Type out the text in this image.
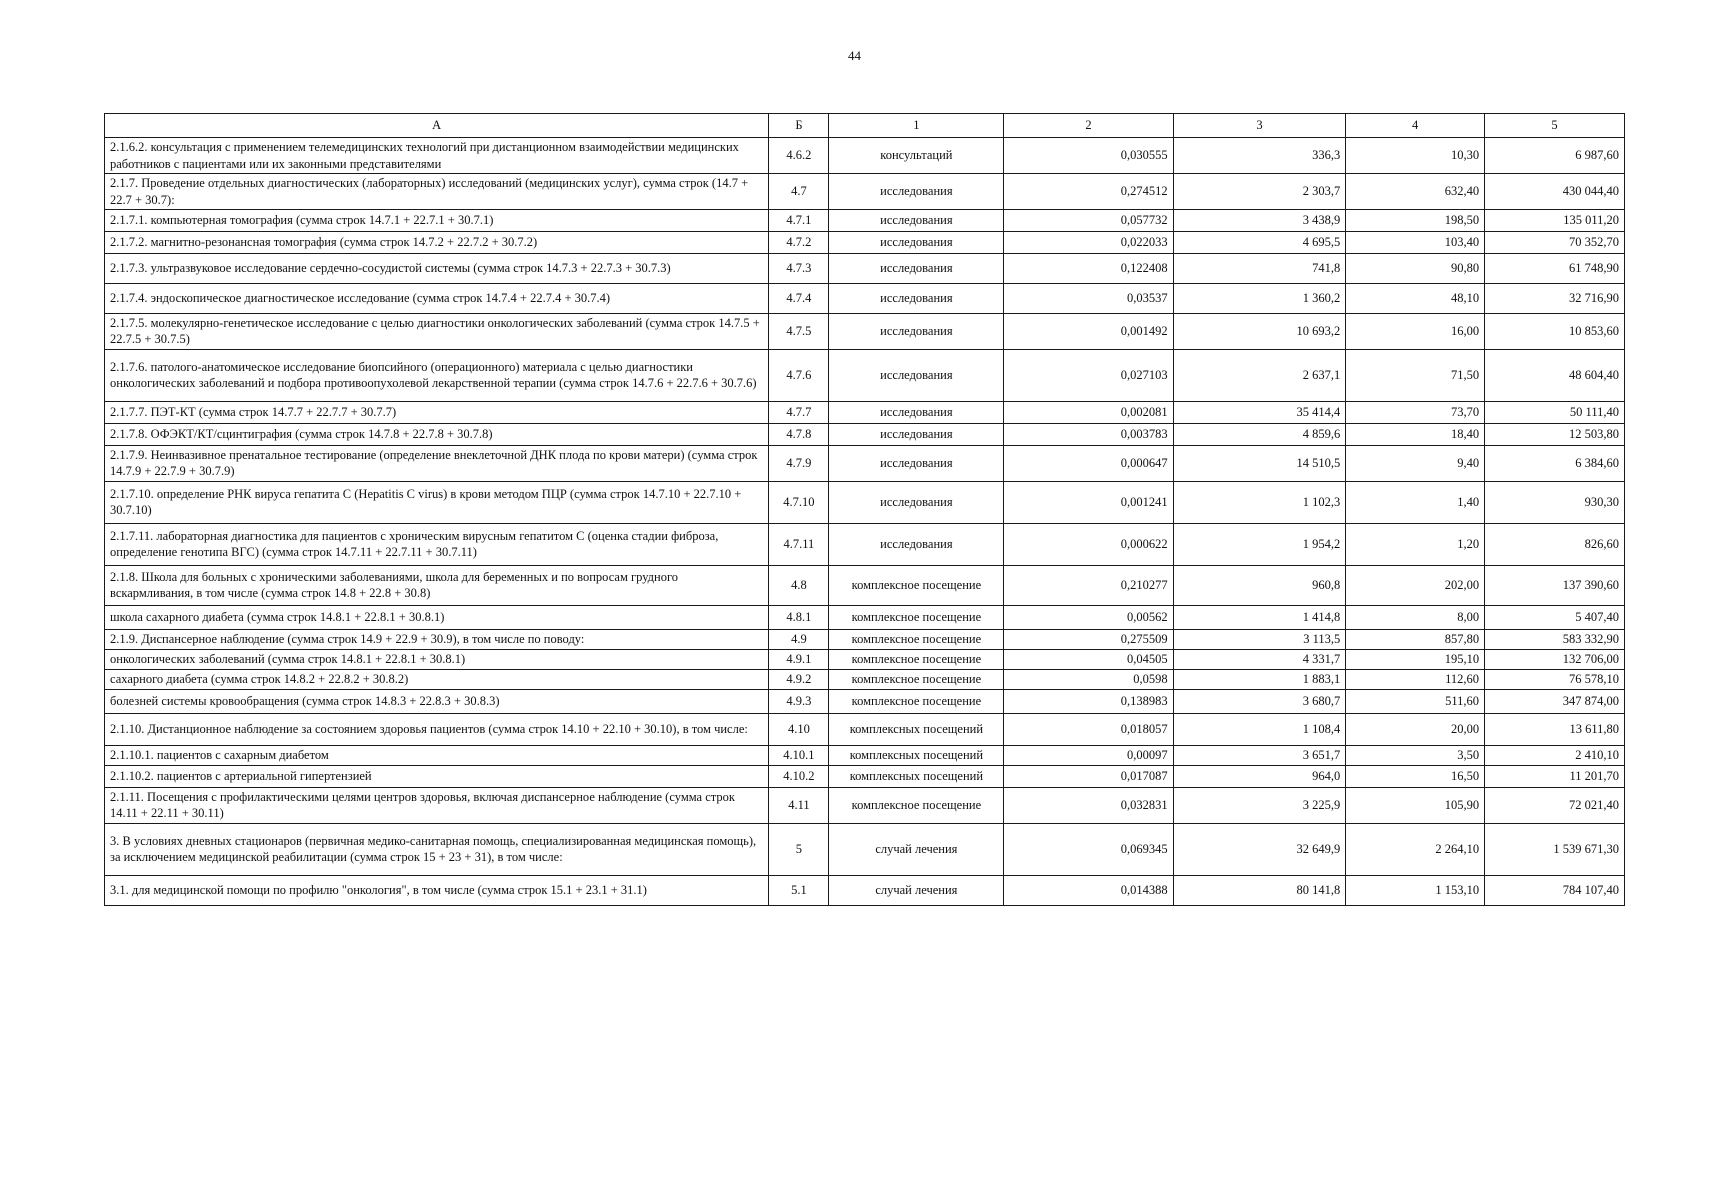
44
А	Б	1	2	3	4	5
2.1.6.2. консультация с применением телемедицинских технологий при дистанционном взаимодействии медицинских работников с пациентами или их законными представителями	4.6.2	консультаций	0,030555	336,3	10,30	6 987,60
2.1.7. Проведение отдельных диагностических (лабораторных) исследований (медицинских услуг), сумма строк (14.7 + 22.7 + 30.7):	4.7	исследования	0,274512	2 303,7	632,40	430 044,40
2.1.7.1. компьютерная томография (сумма строк 14.7.1 + 22.7.1 + 30.7.1)	4.7.1	исследования	0,057732	3 438,9	198,50	135 011,20
2.1.7.2. магнитно-резонансная томография (сумма строк 14.7.2 + 22.7.2 + 30.7.2)	4.7.2	исследования	0,022033	4 695,5	103,40	70 352,70
2.1.7.3. ультразвуковое исследование сердечно-сосудистой системы (сумма строк 14.7.3 + 22.7.3 + 30.7.3)	4.7.3	исследования	0,122408	741,8	90,80	61 748,90
2.1.7.4. эндоскопическое диагностическое исследование (сумма строк 14.7.4 + 22.7.4 + 30.7.4)	4.7.4	исследования	0,03537	1 360,2	48,10	32 716,90
2.1.7.5. молекулярно-генетическое исследование с целью диагностики онкологических заболеваний (сумма строк 14.7.5 + 22.7.5 + 30.7.5)	4.7.5	исследования	0,001492	10 693,2	16,00	10 853,60
2.1.7.6. патолого-анатомическое исследование биопсийного (операционного) материала с целью диагностики онкологических заболеваний и подбора противоопухолевой лекарственной терапии (сумма строк 14.7.6 + 22.7.6 + 30.7.6)	4.7.6	исследования	0,027103	2 637,1	71,50	48 604,40
2.1.7.7. ПЭТ-КТ (сумма строк 14.7.7 + 22.7.7 + 30.7.7)	4.7.7	исследования	0,002081	35 414,4	73,70	50 111,40
2.1.7.8. ОФЭКТ/КТ/сцинтиграфия (сумма строк 14.7.8 + 22.7.8 + 30.7.8)	4.7.8	исследования	0,003783	4 859,6	18,40	12 503,80
2.1.7.9. Неинвазивное пренатальное тестирование (определение внеклеточной ДНК плода по крови матери) (сумма строк 14.7.9 + 22.7.9 + 30.7.9)	4.7.9	исследования	0,000647	14 510,5	9,40	6 384,60
2.1.7.10. определение РНК вируса гепатита С (Hepatitis C virus) в крови методом ПЦР (сумма строк 14.7.10 + 22.7.10 + 30.7.10)	4.7.10	исследования	0,001241	1 102,3	1,40	930,30
2.1.7.11. лабораторная диагностика для пациентов с хроническим вирусным гепатитом С (оценка стадии фиброза, определение генотипа ВГС) (сумма строк 14.7.11 + 22.7.11 + 30.7.11)	4.7.11	исследования	0,000622	1 954,2	1,20	826,60
2.1.8. Школа для больных с хроническими заболеваниями, школа для беременных и по вопросам грудного вскармливания, в том числе (сумма строк 14.8 + 22.8 + 30.8)	4.8	комплексное посещение	0,210277	960,8	202,00	137 390,60
школа сахарного диабета (сумма строк 14.8.1 + 22.8.1 + 30.8.1)	4.8.1	комплексное посещение	0,00562	1 414,8	8,00	5 407,40
2.1.9. Диспансерное наблюдение (сумма строк 14.9 + 22.9 + 30.9), в том числе по поводу:	4.9	комплексное посещение	0,275509	3 113,5	857,80	583 332,90
онкологических заболеваний (сумма строк 14.8.1 + 22.8.1 + 30.8.1)	4.9.1	комплексное посещение	0,04505	4 331,7	195,10	132 706,00
сахарного диабета (сумма строк 14.8.2 + 22.8.2 + 30.8.2)	4.9.2	комплексное посещение	0,0598	1 883,1	112,60	76 578,10
болезней системы кровообращения (сумма строк 14.8.3 + 22.8.3 + 30.8.3)	4.9.3	комплексное посещение	0,138983	3 680,7	511,60	347 874,00
2.1.10. Дистанционное наблюдение за состоянием здоровья пациентов (сумма строк 14.10 + 22.10 + 30.10), в том числе:	4.10	комплексных посещений	0,018057	1 108,4	20,00	13 611,80
2.1.10.1. пациентов с сахарным диабетом	4.10.1	комплексных посещений	0,00097	3 651,7	3,50	2 410,10
2.1.10.2. пациентов с артериальной гипертензией	4.10.2	комплексных посещений	0,017087	964,0	16,50	11 201,70
2.1.11. Посещения с профилактическими целями центров здоровья, включая диспансерное наблюдение (сумма строк 14.11 + 22.11 + 30.11)	4.11	комплексное посещение	0,032831	3 225,9	105,90	72 021,40
3. В условиях дневных стационаров (первичная медико-санитарная помощь, специализированная медицинская помощь), за исключением медицинской реабилитации (сумма строк 15 + 23 + 31), в том числе:	5	случай лечения	0,069345	32 649,9	2 264,10	1 539 671,30
3.1. для медицинской помощи по профилю "онкология", в том числе (сумма строк 15.1 + 23.1 + 31.1)	5.1	случай лечения	0,014388	80 141,8	1 153,10	784 107,40
